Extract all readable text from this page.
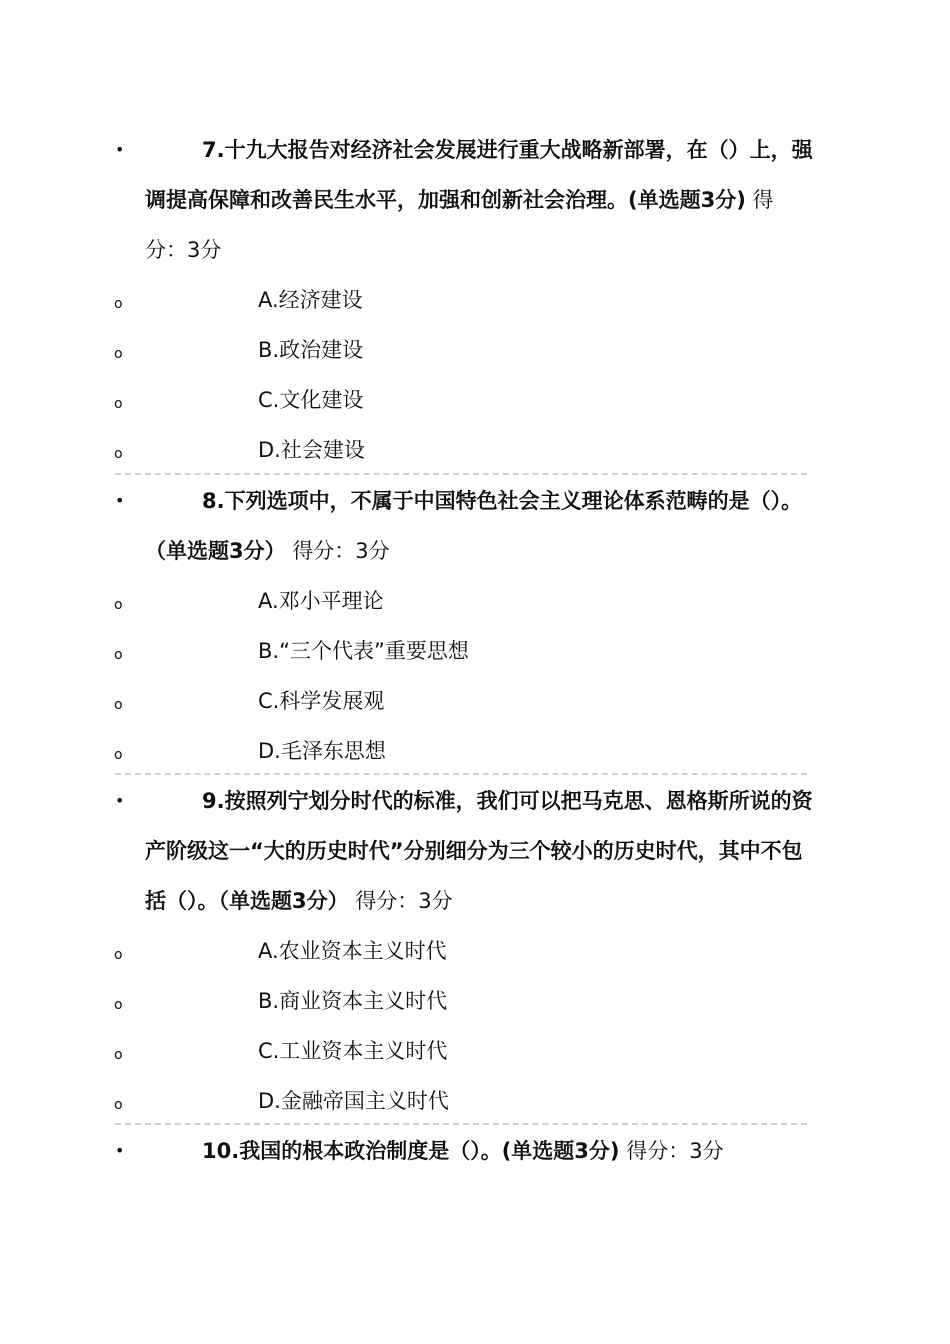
•	7.十九大报告对经济社会发展进行重大战略新部署，在（）上，强调提高保障和改善民生水平，加强和创新社会治理。(单选题3分) 得分：3分
o	A.经济建设
o	B.政治建设
o	C.文化建设
o	D.社会建设
•	8.下列选项中，不属于中国特色社会主义理论体系范畴的是（）。（单选题3分） 得分：3分
o	A.邓小平理论
o	B.“三个代表”重要思想
o	C.科学发展观
o	D.毛泽东思想
•	9.按照列宁划分时代的标准，我们可以把马克思、恩格斯所说的资产阶级这一“大的历史时代”分别细分为三个较小的历史时代，其中不包括（）。（单选题3分） 得分：3分
o	A.农业资本主义时代
o	B.商业资本主义时代
o	C.工业资本主义时代
o	D.金融帝国主义时代
•	10.我国的根本政治制度是（）。(单选题3分) 得分：3分
